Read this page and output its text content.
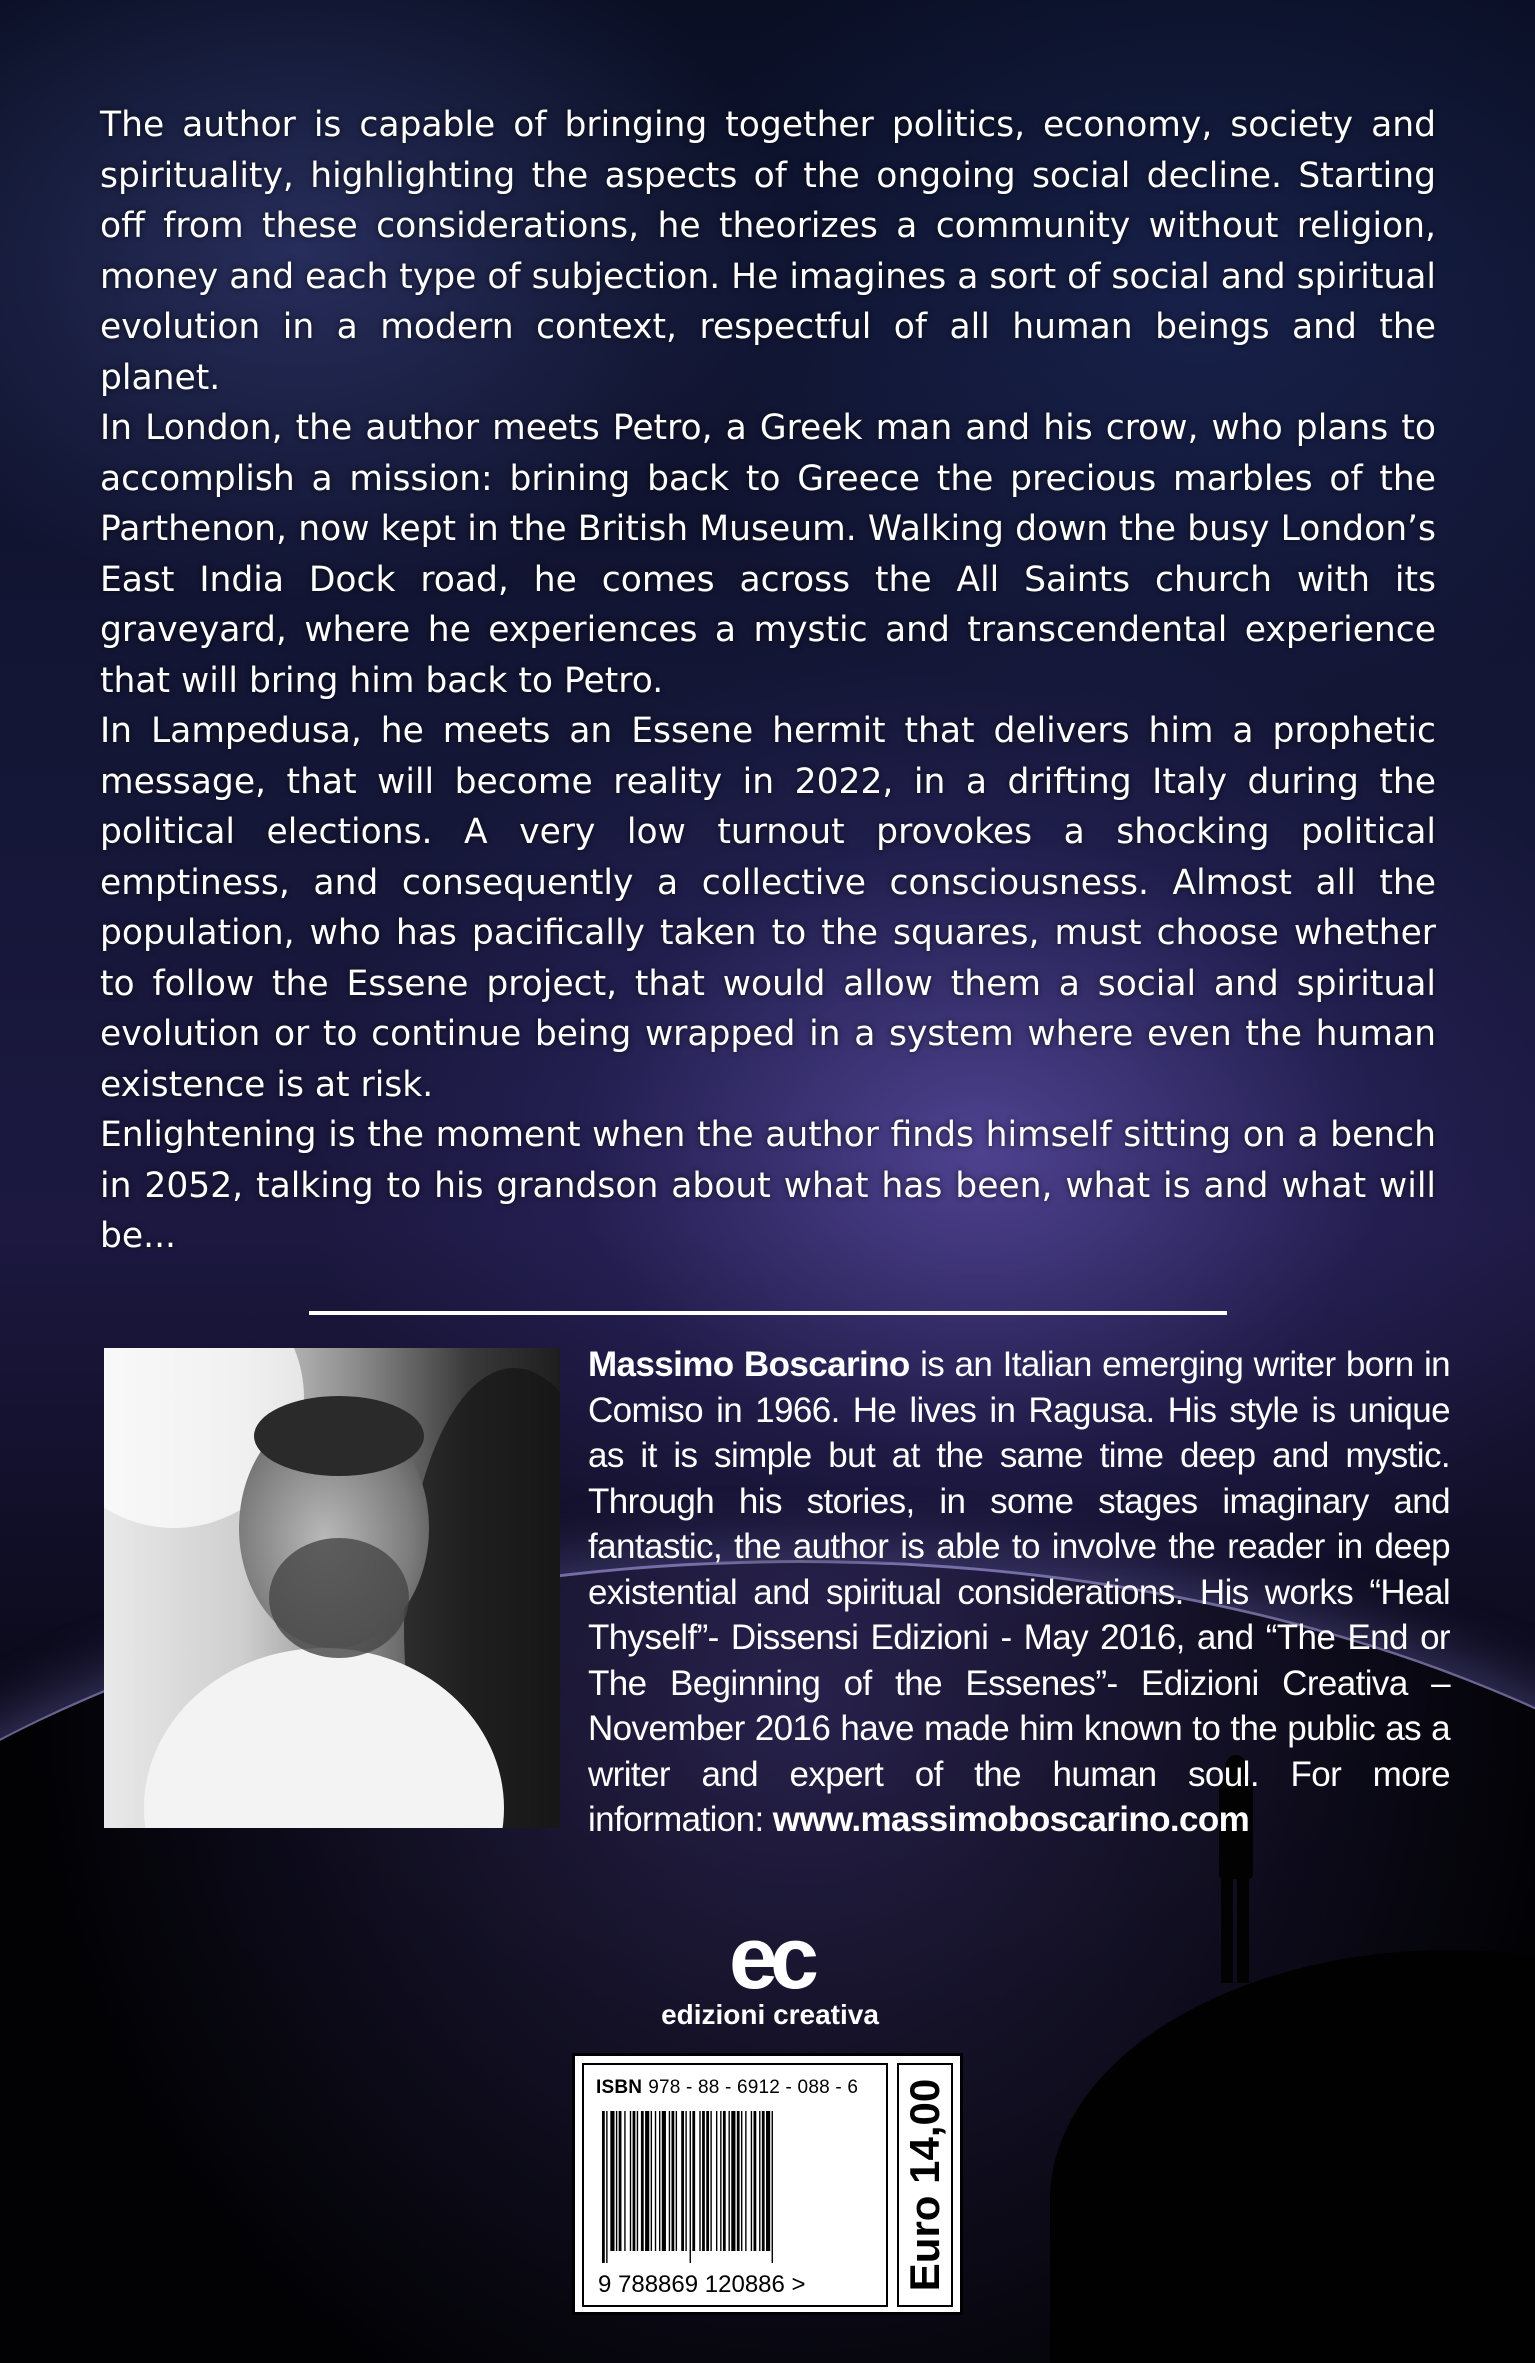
The author is capable of bringing together politics, economy, society and spirituality, highlighting the aspects of the ongoing social decline. Starting off from these considerations, he theorizes a community without religion, money and each type of subjection. He imagines a sort of social and spiritual evolution in a modern context, respectful of all human beings and the planet.

In London, the author meets Petro, a Greek man and his crow, who plans to accomplish a mission: brining back to Greece the precious marbles of the Parthenon, now kept in the British Museum. Walking down the busy London’s East India Dock road, he comes across the All Saints church with its graveyard, where he experiences a mystic and transcendental experience that will bring him back to Petro.

In Lampedusa, he meets an Essene hermit that delivers him a prophetic message, that will become reality in 2022, in a drifting Italy during the political elections. A very low turnout provokes a shocking political emptiness, and consequently a collective consciousness. Almost all the population, who has pacifically taken to the squares, must choose whether to follow the Essene project, that would allow them a social and spiritual evolution or to continue being wrapped in a system where even the human existence is at risk.

Enlightening is the moment when the author finds himself sitting on a bench in 2052, talking to his grandson about what has been, what is and what will be...

Massimo Boscarino is an Italian emerging writer born in Comiso in 1966. He lives in Ragusa. His style is unique as it is simple but at the same time deep and mystic. Through his stories, in some stages imaginary and fantastic, the author is able to involve the reader in deep existential and spiritual considerations. His works “Heal Thyself”- Dissensi Edizioni - May 2016, and “The End or The Beginning of the Essenes”- Edizioni Creativa – November 2016 have made him known to the public as a writer and expert of the human soul. For more information: www.massimoboscarino.com
ec
edizioni creativa
ISBN 978 - 88 - 6912 - 088 - 6
9 788869 120886 >	Euro 14,00
